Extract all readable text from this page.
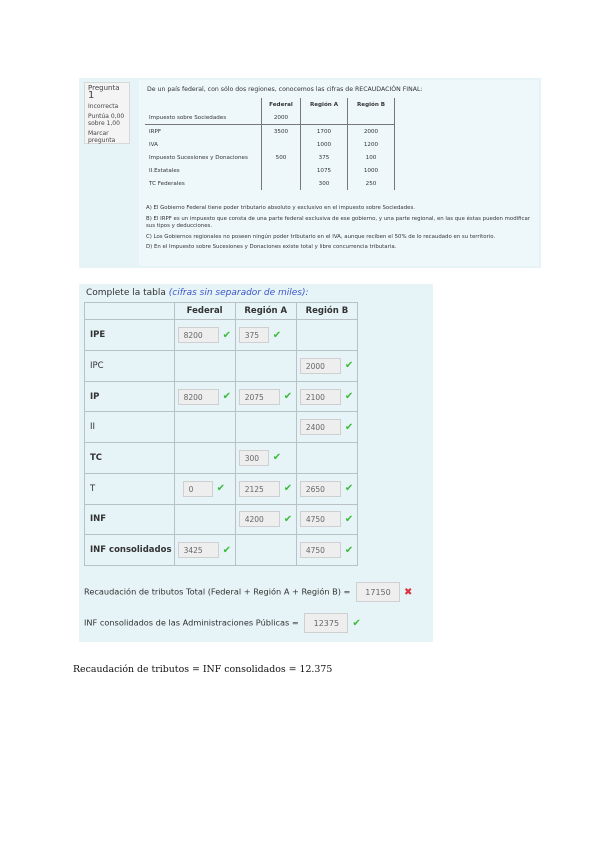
Pregunta 1
Incorrecta
Puntúa 0,00 sobre 1,00
Marcar pregunta
De un país federal, con sólo dos regiones, conocemos las cifras de RECAUDACIÓN FINAL:
	Federal	Región A	Región B
Impuesto sobre Sociedades	2000		
IRPF	3500	1700	2000
IVA		1000	1200
Impuesto Sucesiones y Donaciones	500	375	100
II.Estatales		1075	1000
TC Federales		300	250
A) El Gobierno Federal tiene poder tributario absoluto y exclusivo en el impuesto sobre Sociedades.
B) El IRPF es un impuesto que consta de una parte federal exclusiva de ese gobierno, y una parte regional, en las que éstas pueden modificar sus tipos y deducciones.
C) Los Gobiernos regionales no poseen ningún poder tributario en el IVA, aunque reciben el 50% de lo recaudado en su territorio.
D) En el Impuesto sobre Sucesiones y Donaciones existe total y libre concurrencia tributaria.
Complete la tabla (cifras sin separador de miles):
	Federal	Región A	Región B
IPE	8200 ✔	375 ✔	
IPC			2000 ✔
IP	8200 ✔	2075 ✔	2100 ✔
II			2400 ✔
TC		300 ✔	
T	0 ✔	2125 ✔	2650 ✔
INF		4200 ✔	4750 ✔
INF consolidados	3425 ✔		4750 ✔
Recaudación de tributos Total (Federal + Región A + Región B) = 17150 ✖
INF consolidados de las Administraciones Públicas = 12375 ✔
Recaudación de tributos = INF consolidados = 12.375
